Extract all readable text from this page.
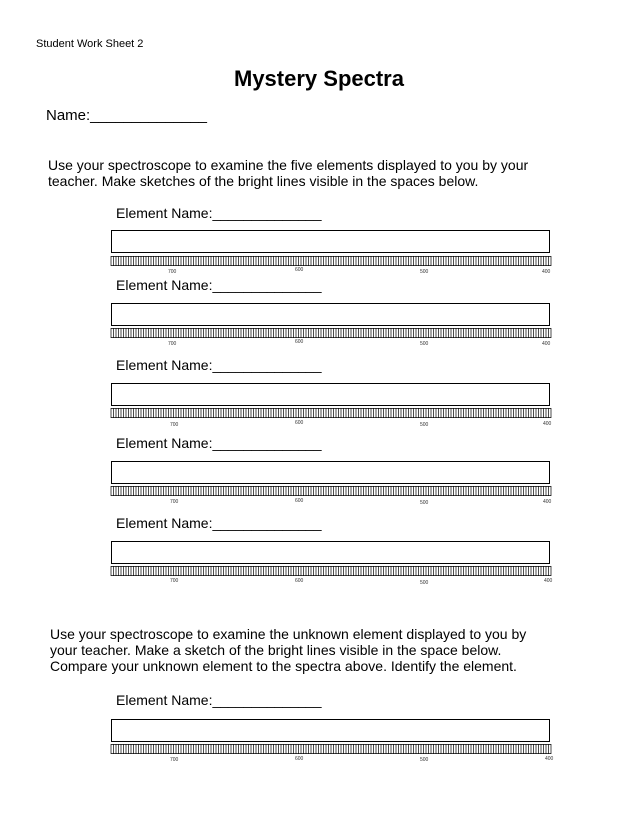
Student Work Sheet 2
Mystery Spectra
Name:______________
Use your spectroscope to examine the five elements displayed to you by your
teacher. Make sketches of the bright lines visible in the spaces below.
Element Name:______________
700	600	500	400
Element Name:______________
700	600	500	400
Element Name:______________
700	600	500	400
Element Name:______________
700	600	500	400
Element Name:______________
700	600	500	400
Use your spectroscope to examine the unknown element displayed to you by
your teacher. Make a sketch of the bright lines visible in the space below.
Compare your unknown element to the spectra above. Identify the element.
Element Name:______________
700	600	500	400
